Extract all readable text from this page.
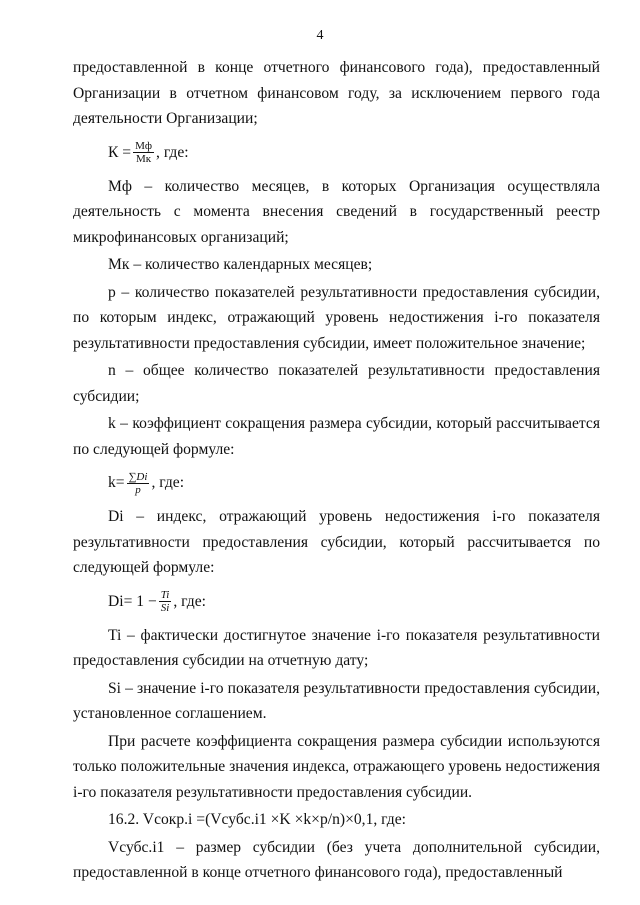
4

предоставленной в конце отчетного финансового года), предоставленный Организации в отчетном финансовом году, за исключением первого года деятельности Организации;

$К = \frac{Мф}{Мк}$ , где:

Мф – количество месяцев, в которых Организация осуществляла деятельность с момента внесения сведений в государственный реестр микрофинансовых организаций;

Мк – количество календарных месяцев;

р – количество показателей результативности предоставления субсидии, по которым индекс, отражающий уровень недостижения i-го показателя результативности предоставления субсидии, имеет положительное значение;

n – общее количество показателей результативности предоставления субсидии;

k – коэффициент сокращения размера субсидии, который рассчитывается по следующей формуле:

$k= \frac{\sum Di}{p}$ , где:

Di – индекс, отражающий уровень недостижения i-го показателя результативности предоставления субсидии, который рассчитывается по следующей формуле:

$Di= 1 - \frac{Ti}{Si}$ , где:

Ti – фактически достигнутое значение i-го показателя результативности предоставления субсидии на отчетную дату;

Si – значение i-го показателя результативности предоставления субсидии, установленное соглашением.

При расчете коэффициента сокращения размера субсидии используются только положительные значения индекса, отражающего уровень недостижения i-го показателя результативности предоставления субсидии.

16.2. Vсокр.i =(Vсубс.i1 ×K ×k×p/n)×0,1, где:

Vсубс.i1 – размер субсидии (без учета дополнительной субсидии, предоставленной в конце отчетного финансового года), предоставленный
